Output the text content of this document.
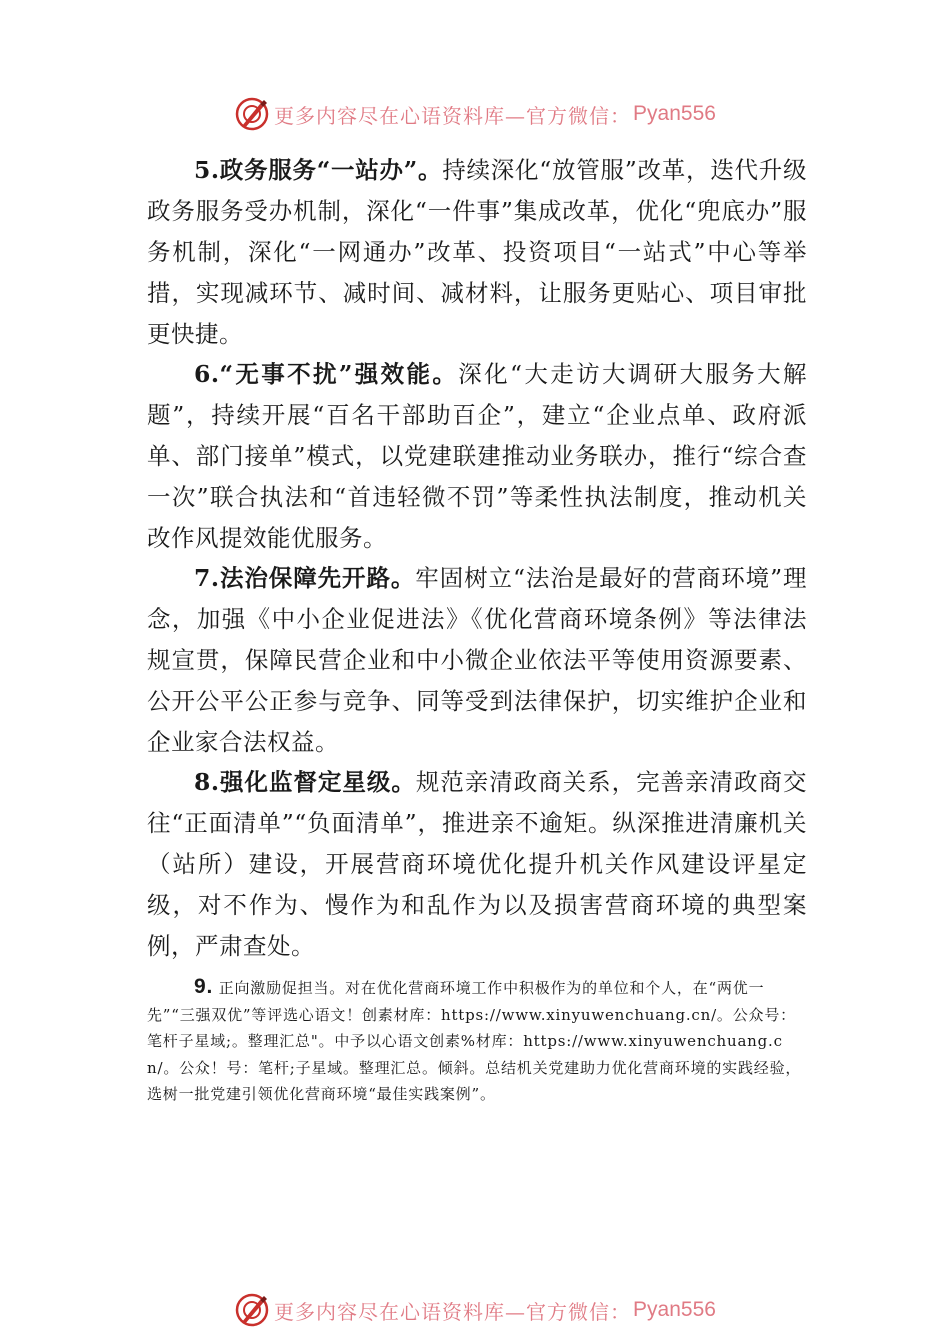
更多内容尽在心语资料库—官方微信： Pyan556

5.政务服务“一站办”。持续深化“放管服”改革，迭代升级政务服务受办机制，深化“一件事”集成改革，优化“兜底办”服务机制，深化“一网通办”改革、投资项目“一站式”中心等举措，实现减环节、减时间、减材料，让服务更贴心、项目审批更快捷。

6.“无事不扰”强效能。深化“大走访大调研大服务大解题”，持续开展“百名干部助百企”，建立“企业点单、政府派单、部门接单”模式，以党建联建推动业务联办，推行“综合查一次”联合执法和“首违轻微不罚”等柔性执法制度，推动机关改作风提效能优服务。

7.法治保障先开路。牢固树立“法治是最好的营商环境”理念，加强《中小企业促进法》《优化营商环境条例》等法律法规宣贯，保障民营企业和中小微企业依法平等使用资源要素、公开公平公正参与竞争、同等受到法律保护，切实维护企业和企业家合法权益。

8.强化监督定星级。规范亲清政商关系，完善亲清政商交往“正面清单”“负面清单”，推进亲不逾矩。纵深推进清廉机关（站所）建设，开展营商环境优化提升机关作风建设评星定级，对不作为、慢作为和乱作为以及损害营商环境的典型案例，严肃查处。

9. 正向激励促担当。对在优化营商环境工作中积极作为的单位和个人，在“两优一先”“三强双优”等评选心语文！创素材库：https://www.xinyuwenchuang.cn/。公众号：笔杆子星域;。整理汇总"。中予以心语文创素%材库：https://www.xinyuwenchuang.cn/。公众！号：笔杆;子星域。整理汇总。倾斜。总结机关党建助力优化营商环境的实践经验，选树一批党建引领优化营商环境“最佳实践案例”。

更多内容尽在心语资料库—官方微信： Pyan556
